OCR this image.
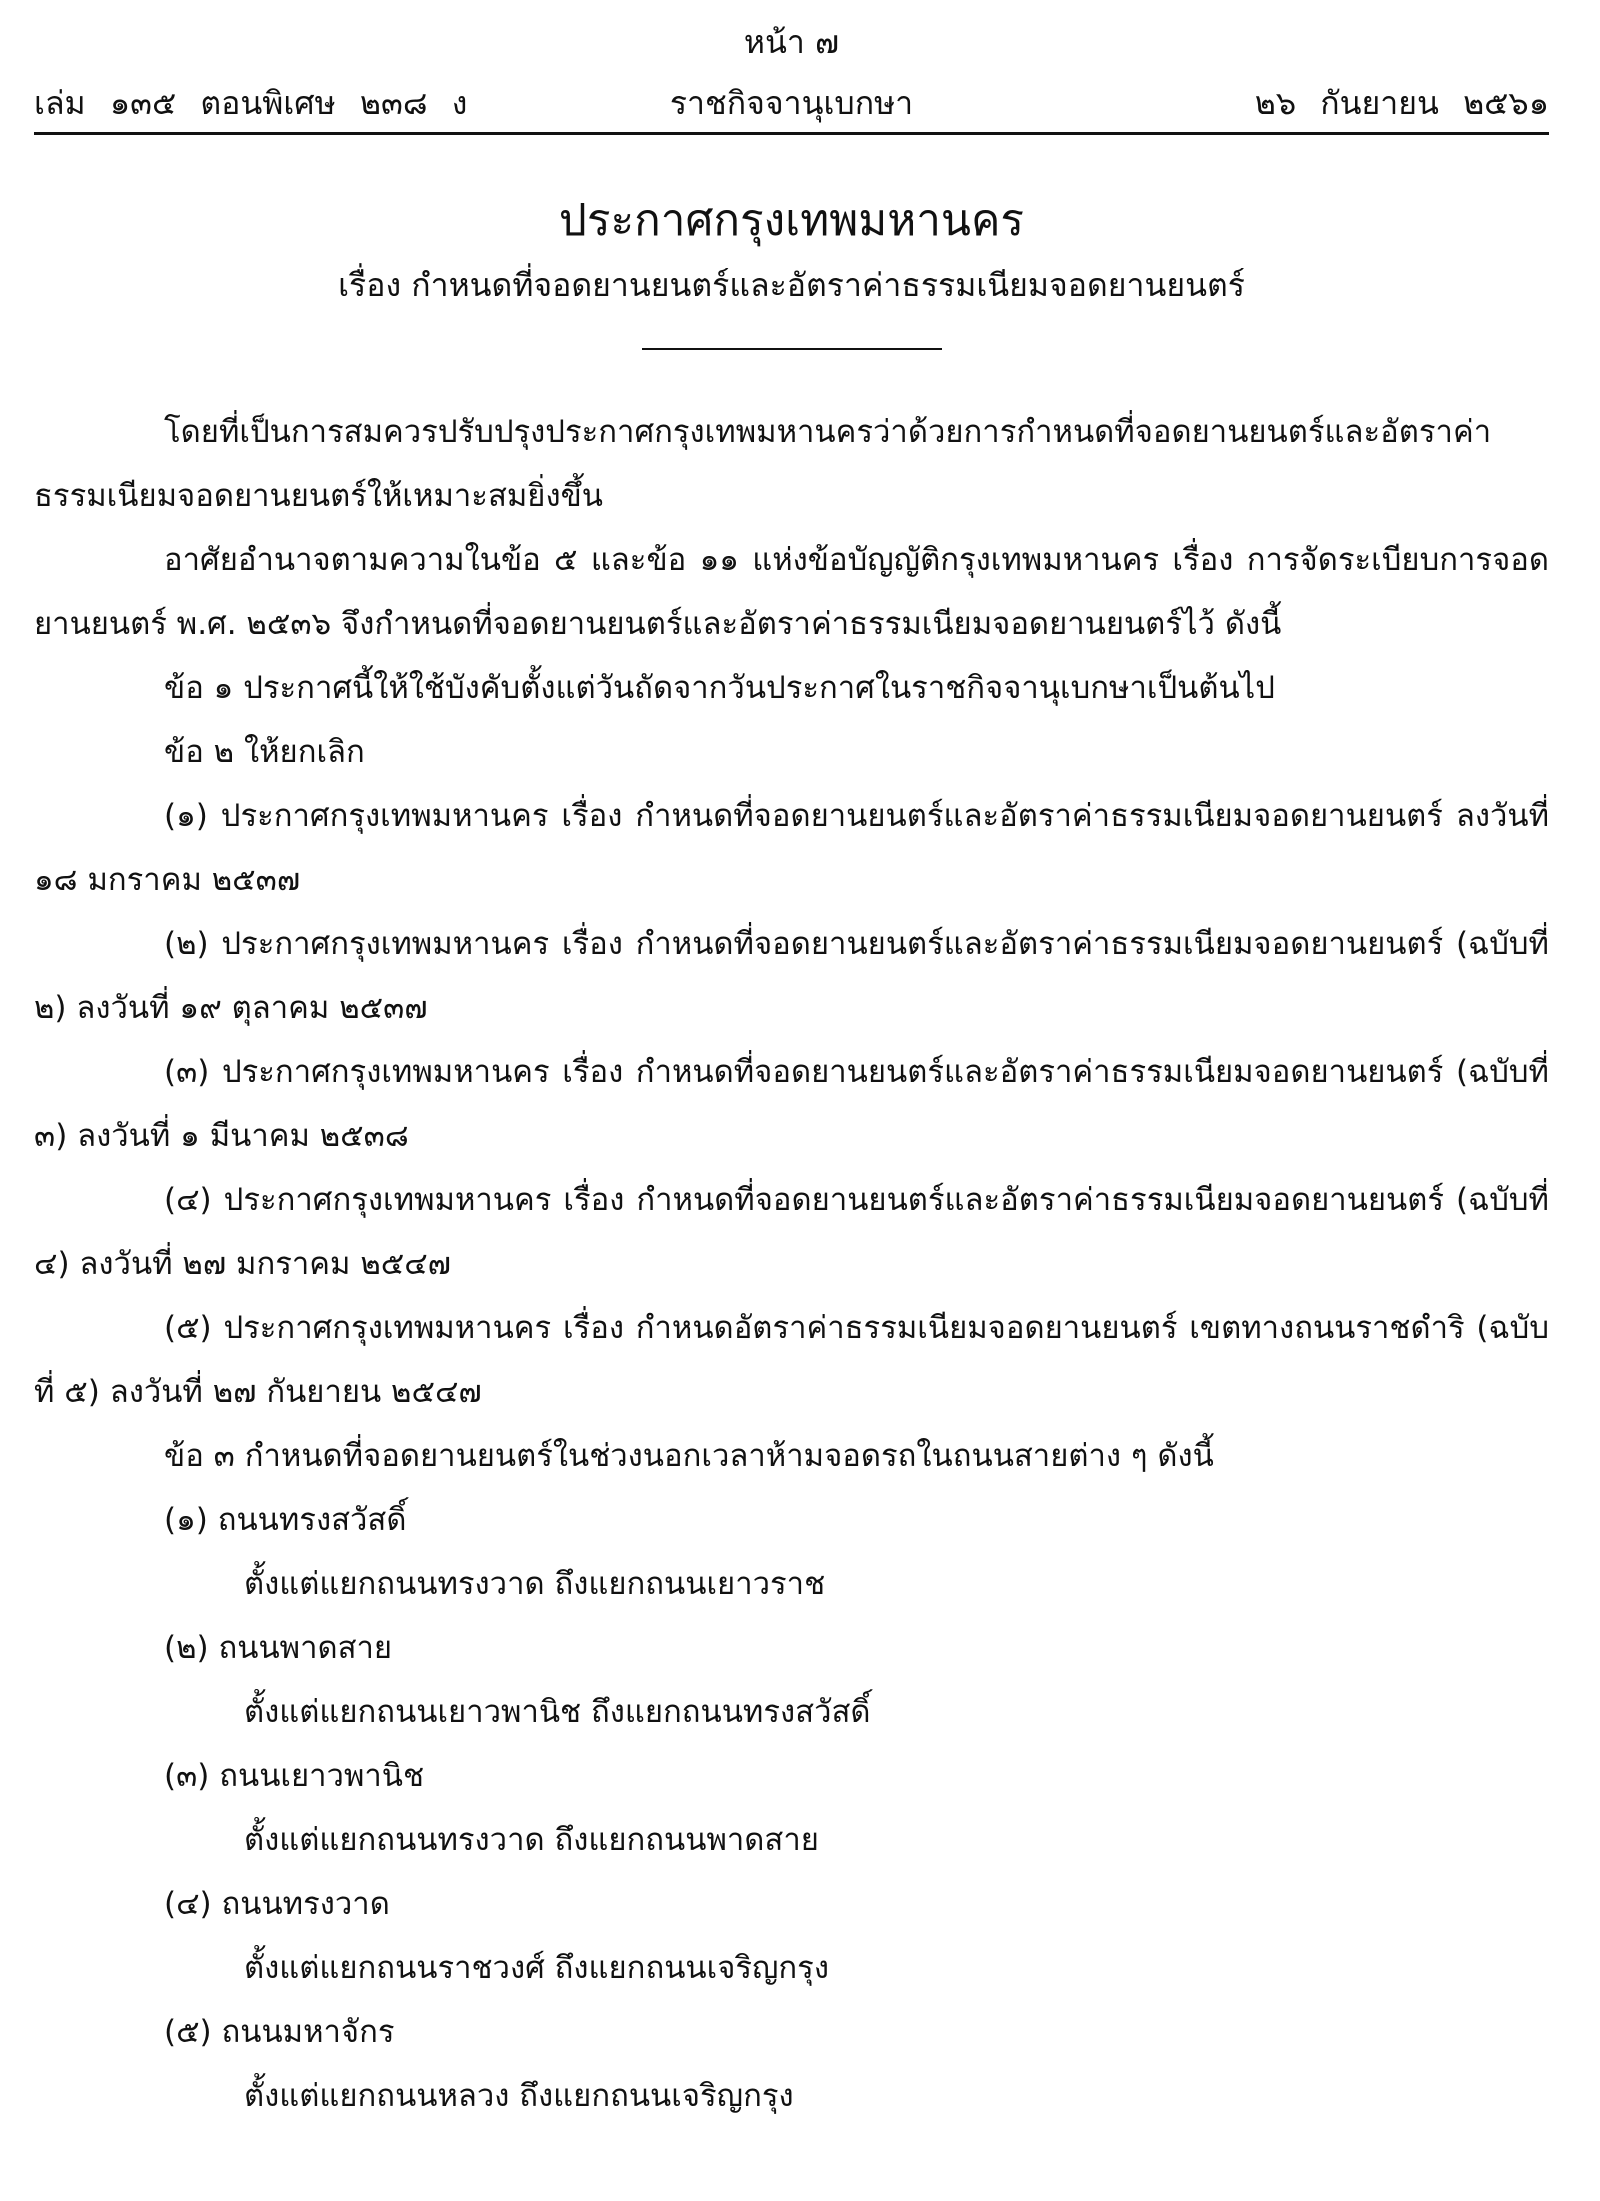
หน้า ๗
เล่ม ๑๓๕ ตอนพิเศษ ๒๓๘ ง	ราชกิจจานุเบกษา	๒๖ กันยายน ๒๕๖๑
ประกาศกรุงเทพมหานคร
เรื่อง กำหนดที่จอดยานยนตร์และอัตราค่าธรรมเนียมจอดยานยนตร์

โดยที่เป็นการสมควรปรับปรุงประกาศกรุงเทพมหานครว่าด้วยการกำหนดที่จอดยานยนตร์และอัตราค่าธรรมเนียมจอดยานยนตร์ให้เหมาะสมยิ่งขึ้น

อาศัยอำนาจตามความในข้อ ๕ และข้อ ๑๑ แห่งข้อบัญญัติกรุงเทพมหานคร เรื่อง การจัดระเบียบการจอดยานยนตร์ พ.ศ. ๒๕๓๖ จึงกำหนดที่จอดยานยนตร์และอัตราค่าธรรมเนียมจอดยานยนตร์ไว้ ดังนี้

ข้อ ๑ ประกาศนี้ให้ใช้บังคับตั้งแต่วันถัดจากวันประกาศในราชกิจจานุเบกษาเป็นต้นไป

ข้อ ๒ ให้ยกเลิก

(๑) ประกาศกรุงเทพมหานคร เรื่อง กำหนดที่จอดยานยนตร์และอัตราค่าธรรมเนียมจอดยานยนตร์ ลงวันที่ ๑๘ มกราคม ๒๕๓๗

(๒) ประกาศกรุงเทพมหานคร เรื่อง กำหนดที่จอดยานยนตร์และอัตราค่าธรรมเนียมจอดยานยนตร์ (ฉบับที่ ๒) ลงวันที่ ๑๙ ตุลาคม ๒๕๓๗

(๓) ประกาศกรุงเทพมหานคร เรื่อง กำหนดที่จอดยานยนตร์และอัตราค่าธรรมเนียมจอดยานยนตร์ (ฉบับที่ ๓) ลงวันที่ ๑ มีนาคม ๒๕๓๘

(๔) ประกาศกรุงเทพมหานคร เรื่อง กำหนดที่จอดยานยนตร์และอัตราค่าธรรมเนียมจอดยานยนตร์ (ฉบับที่ ๔) ลงวันที่ ๒๗ มกราคม ๒๕๔๗

(๕) ประกาศกรุงเทพมหานคร เรื่อง กำหนดอัตราค่าธรรมเนียมจอดยานยนตร์ เขตทางถนนราชดำริ (ฉบับที่ ๕) ลงวันที่ ๒๗ กันยายน ๒๕๔๗

ข้อ ๓ กำหนดที่จอดยานยนตร์ในช่วงนอกเวลาห้ามจอดรถในถนนสายต่าง ๆ ดังนี้

(๑) ถนนทรงสวัสดิ์

ตั้งแต่แยกถนนทรงวาด ถึงแยกถนนเยาวราช

(๒) ถนนพาดสาย

ตั้งแต่แยกถนนเยาวพานิช ถึงแยกถนนทรงสวัสดิ์

(๓) ถนนเยาวพานิช

ตั้งแต่แยกถนนทรงวาด ถึงแยกถนนพาดสาย

(๔) ถนนทรงวาด

ตั้งแต่แยกถนนราชวงศ์ ถึงแยกถนนเจริญกรุง

(๕) ถนนมหาจักร

ตั้งแต่แยกถนนหลวง ถึงแยกถนนเจริญกรุง
